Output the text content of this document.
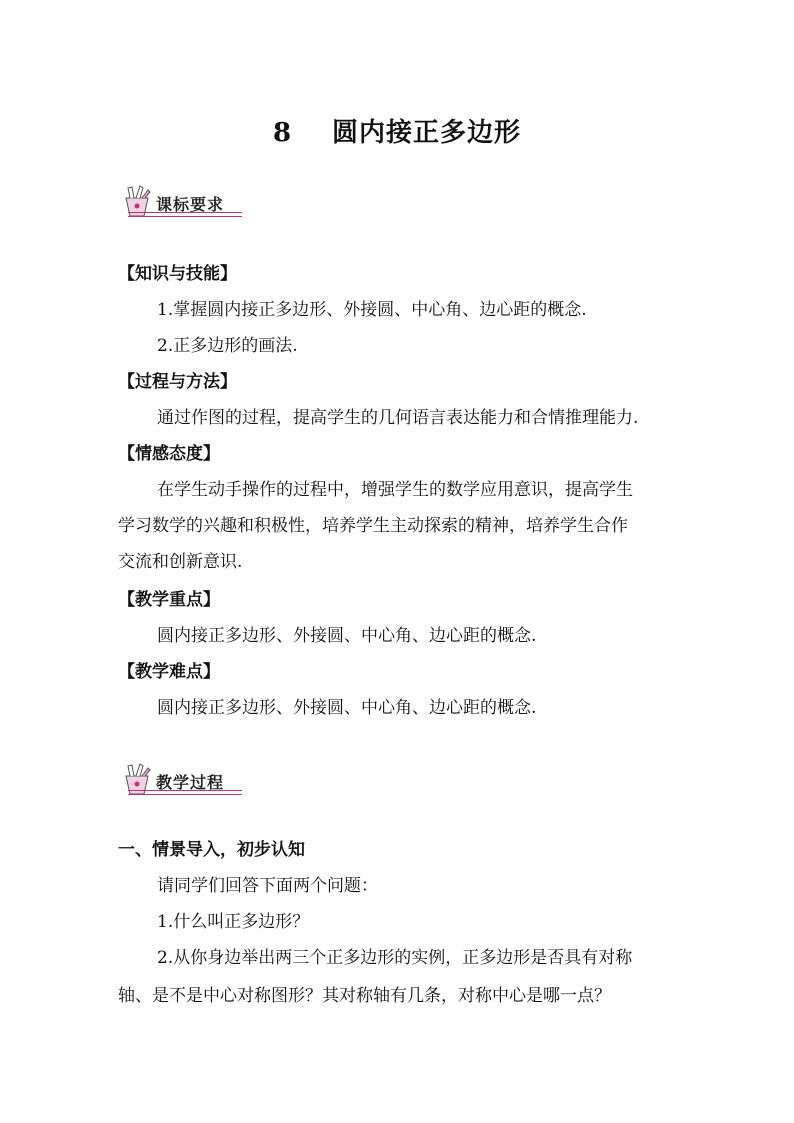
8 圆内接正多边形
课标要求
【知识与技能】
1.掌握圆内接正多边形、外接圆、中心角、边心距的概念.
2.正多边形的画法.
【过程与方法】
通过作图的过程，提高学生的几何语言表达能力和合情推理能力.
【情感态度】
在学生动手操作的过程中，增强学生的数学应用意识，提高学生
学习数学的兴趣和积极性，培养学生主动探索的精神，培养学生合作
交流和创新意识.
【教学重点】
圆内接正多边形、外接圆、中心角、边心距的概念.
【教学难点】
圆内接正多边形、外接圆、中心角、边心距的概念.
教学过程
一、情景导入，初步认知
请同学们回答下面两个问题：
1.什么叫正多边形？
2.从你身边举出两三个正多边形的实例，正多边形是否具有对称
轴、是不是中心对称图形？其对称轴有几条，对称中心是哪一点？
